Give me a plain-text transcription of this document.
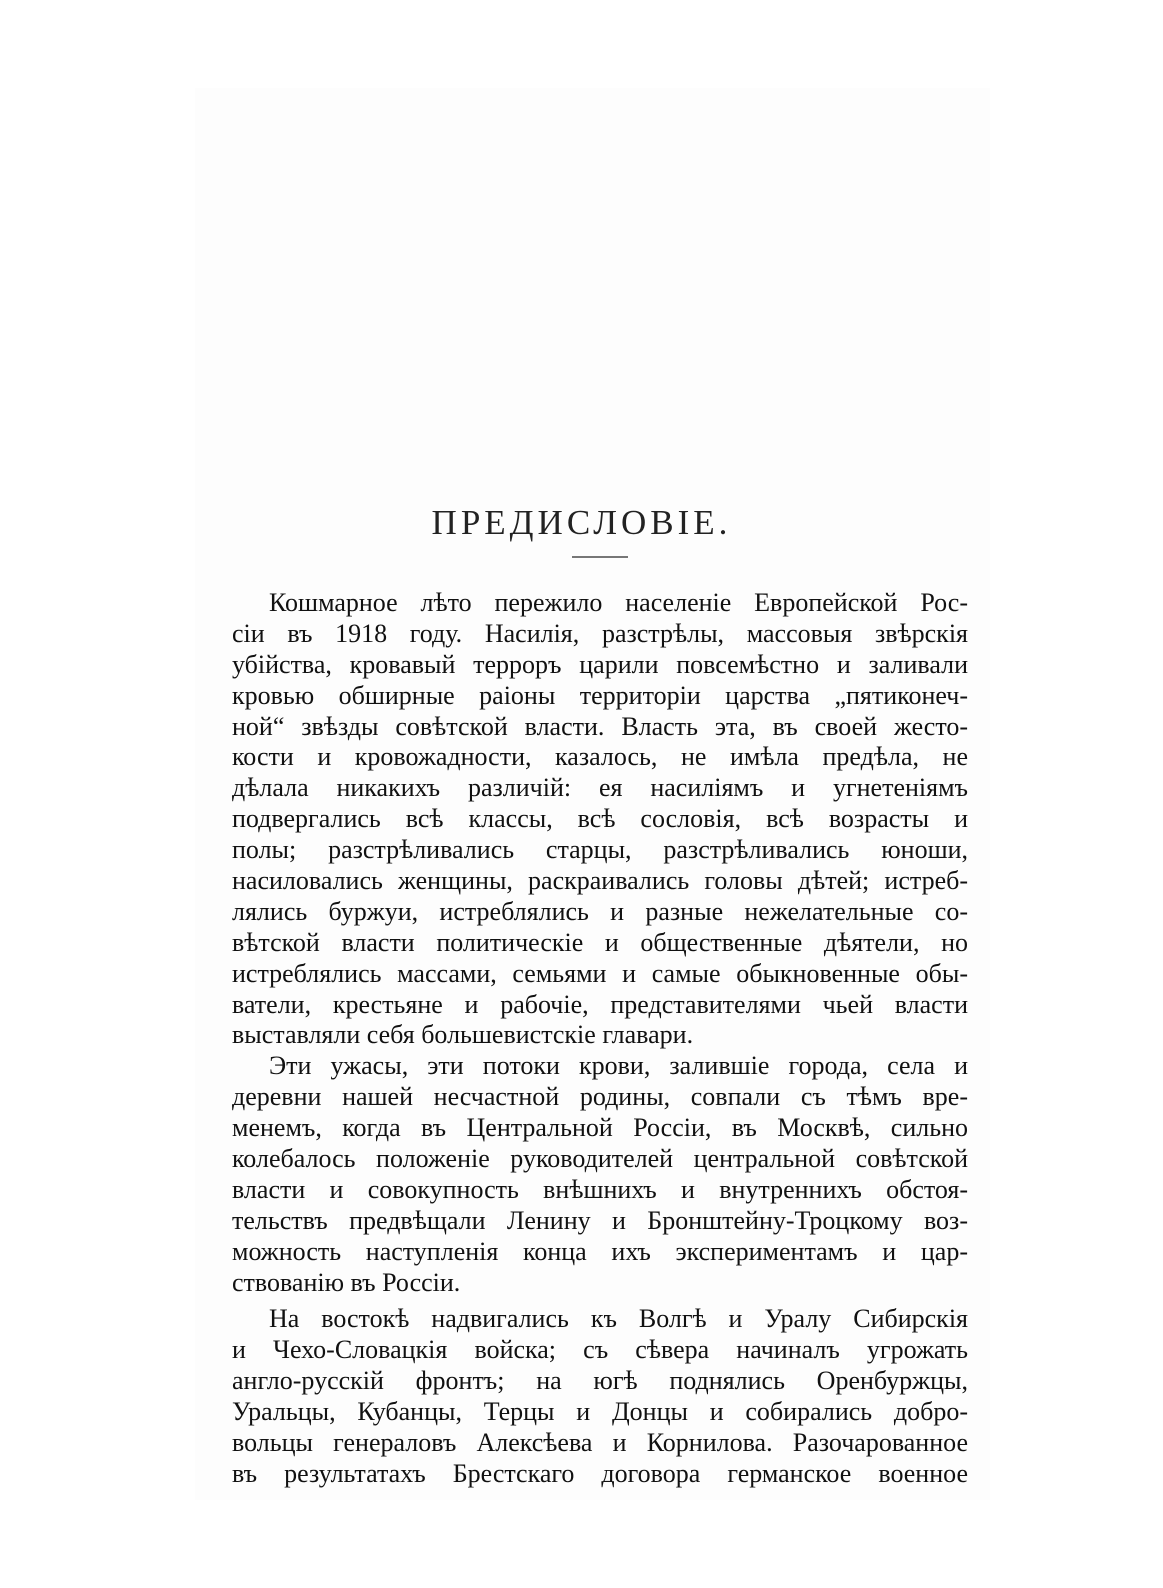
ПРЕДИСЛОВІЕ.
Кошмарное лѣто пережило населеніе Европейской Рос-
сіи въ 1918 году. Насилія, разстрѣлы, массовыя звѣрскія
убійства, кровавый терроръ царили повсемѣстно и заливали
кровью обширные раіоны территоріи царства „пятиконеч-
ной“ звѣзды совѣтской власти. Власть эта, въ своей жесто-
кости и кровожадности, казалось, не имѣла предѣла, не
дѣлала никакихъ различій: ея насиліямъ и угнетеніямъ
подвергались всѣ классы, всѣ сословія, всѣ возрасты и
полы; разстрѣливались старцы, разстрѣливались юноши,
насиловались женщины, раскраивались головы дѣтей; истреб-
лялись буржуи, истреблялись и разные нежелательные со-
вѣтской власти политическіе и общественные дѣятели, но
истреблялись массами, семьями и самые обыкновенные обы-
ватели, крестьяне и рабочіе, представителями чьей власти
выставляли себя большевистскіе главари.
Эти ужасы, эти потоки крови, залившіе города, села и
деревни нашей несчастной родины, совпали съ тѣмъ вре-
менемъ, когда въ Центральной Россіи, въ Москвѣ, сильно
колебалось положеніе руководителей центральной совѣтской
власти и совокупность внѣшнихъ и внутреннихъ обстоя-
тельствъ предвѣщали Ленину и Бронштейну-Троцкому воз-
можность наступленія конца ихъ экспериментамъ и цар-
ствованію въ Россіи.
На востокѣ надвигались къ Волгѣ и Уралу Сибирскія
и Чехо-Словацкія войска; съ сѣвера начиналъ угрожать
англо-русскій фронтъ; на югѣ поднялись Оренбуржцы,
Уральцы, Кубанцы, Терцы и Донцы и собирались добро-
вольцы генераловъ Алексѣева и Корнилова. Разочарованное
въ результатахъ Брестскаго договора германское военное
